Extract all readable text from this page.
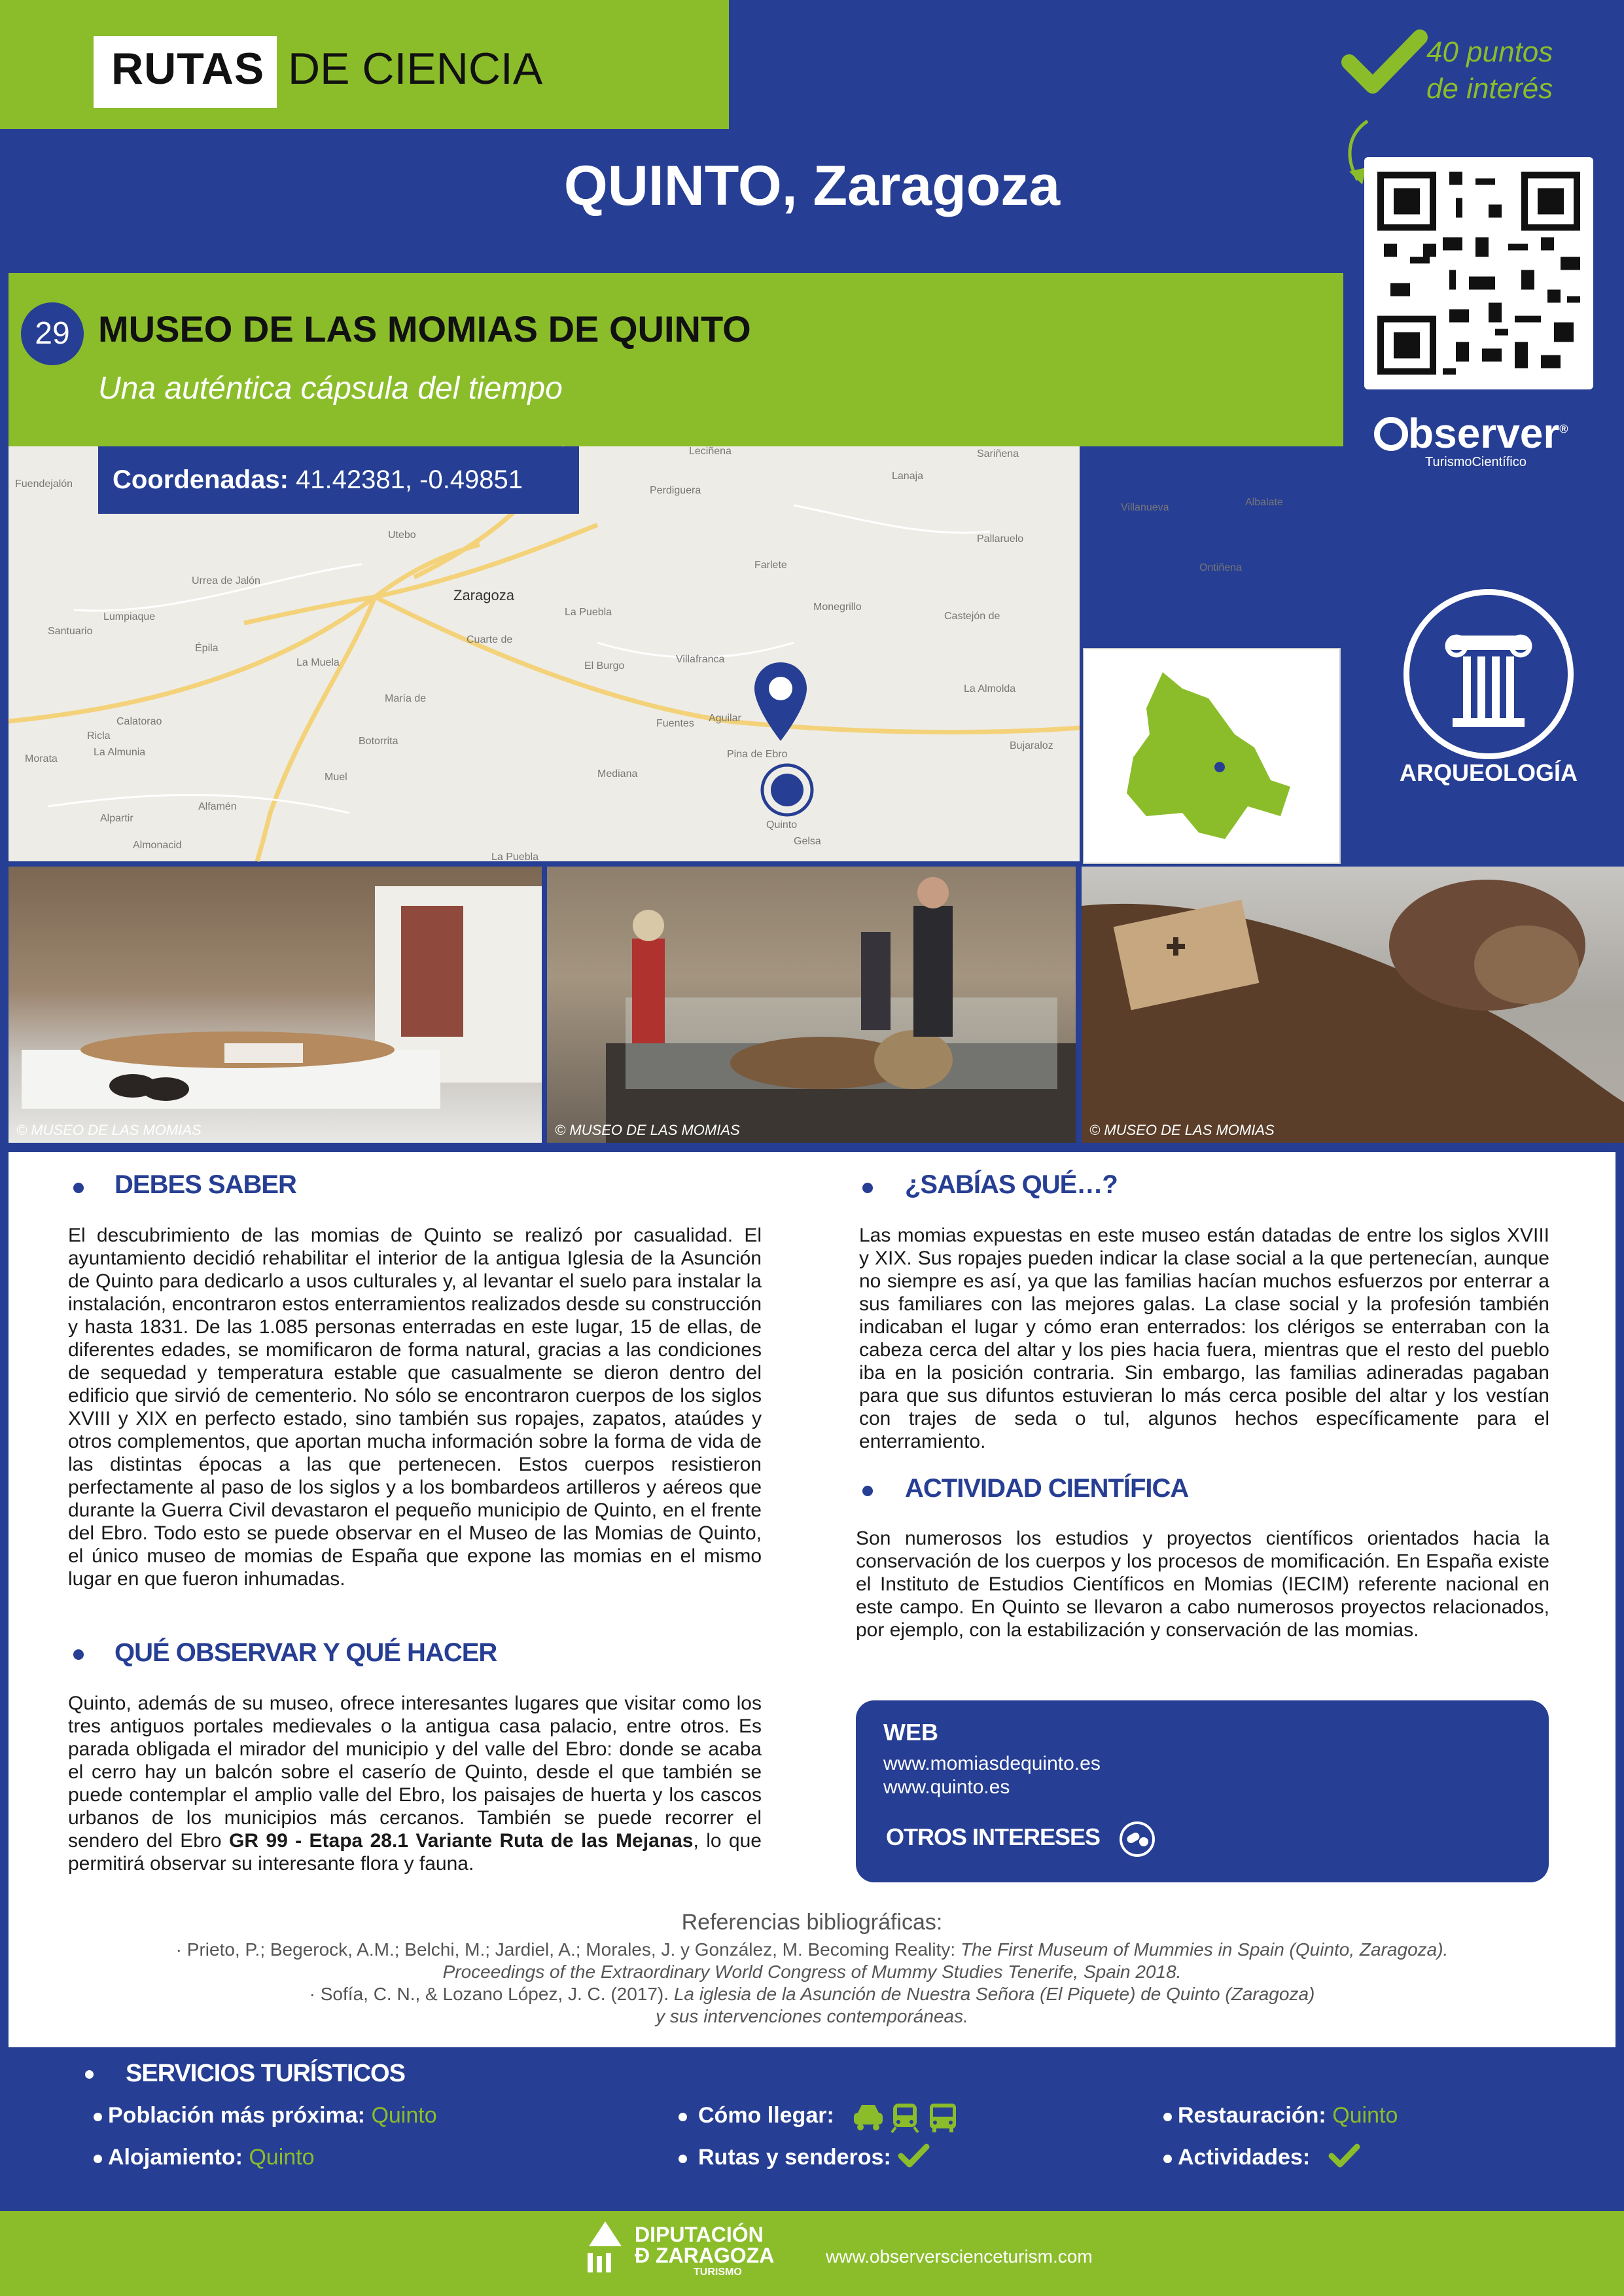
RUTAS DE CIENCIA
QUINTO, Zaragoza
40 puntos
de interés
bserver®
TurismoCientífico
29 MUSEO DE LAS MOMIAS DE QUINTO
Una auténtica cápsula del tiempo
Leciñena	Sariñena
Lanaja
Fuendejalón
Perdiguera
Villanueva	Albalate
Utebo	Pallaruelo
Urrea de Jalón
Farlete	Ontiñena
Zaragoza
Lumpiaque	La Puebla	Monegrillo
Castejón de
Santuario
Épila
Cuarte de
La Muela	El Burgo
Villafranca
María de
La Almolda
Calatorao
Botorrita
Fuentes Aguilar
Bujaraloz
Ricla
La Almunia	Pina de Ebro
Morata
Muel	Mediana
Alfamén
Alpartir
Quinto
Almonacid	Gelsa
La Puebla
Coordenadas: 41.42381, -0.49851
ARQUEOLOGÍA
© MUSEO DE LAS MOMIAS	© MUSEO DE LAS MOMIAS	© MUSEO DE LAS MOMIAS
DEBES SABER
El descubrimiento de las momias de Quinto se realizó por casualidad. El ayuntamiento decidió rehabilitar el interior de la antigua Iglesia de la Asunción de Quinto para dedicarlo a usos culturales y, al levantar el suelo para instalar la instalación, encontraron estos enterramientos realizados desde su construcción y hasta 1831. De las 1.085 personas enterradas en este lugar, 15 de ellas, de diferentes edades, se momificaron de forma natural, gracias a las condiciones de sequedad y temperatura estable que casualmente se dieron dentro del edificio que sirvió de cementerio. No sólo se encontraron cuerpos de los siglos XVIII y XIX en perfecto estado, sino también sus ropajes, zapatos, ataúdes y otros complementos, que aportan mucha información sobre la forma de vida de las distintas épocas a las que pertenecen. Estos cuerpos resistieron perfectamente al paso de los siglos y a los bombardeos artilleros y aéreos que durante la Guerra Civil devastaron el pequeño municipio de Quinto, en el frente del Ebro. Todo esto se puede observar en el Museo de las Momias de Quinto, el único museo de momias de España que expone las momias en el mismo lugar en que fueron inhumadas.
QUÉ OBSERVAR Y QUÉ HACER
Quinto, además de su museo, ofrece interesantes lugares que visitar como los tres antiguos portales medievales o la antigua casa palacio, entre otros. Es parada obligada el mirador del municipio y del valle del Ebro: donde se acaba el cerro hay un balcón sobre el caserío de Quinto, desde el que también se puede contemplar el amplio valle del Ebro, los paisajes de huerta y los cascos urbanos de los municipios más cercanos. También se puede recorrer el sendero del Ebro GR 99 - Etapa 28.1 Variante Ruta de las Mejanas, lo que permitirá observar su interesante flora y fauna.
¿SABÍAS QUÉ…?
Las momias expuestas en este museo están datadas de entre los siglos XVIII y XIX. Sus ropajes pueden indicar la clase social a la que pertenecían, aunque no siempre es así, ya que las familias hacían muchos esfuerzos por enterrar a sus familiares con las mejores galas. La clase social y la profesión también indicaban el lugar y cómo eran enterrados: los clérigos se enterraban con la cabeza cerca del altar y los pies hacia fuera, mientras que el resto del pueblo iba en la posición contraria. Sin embargo, las familias adineradas pagaban para que sus difuntos estuvieran lo más cerca posible del altar y los vestían con trajes de seda o tul, algunos hechos específicamente para el enterramiento.
ACTIVIDAD CIENTÍFICA
Son numerosos los estudios y proyectos científicos orientados hacia la conservación de los cuerpos y los procesos de momificación. En España existe el Instituto de Estudios Científicos en Momias (IECIM) referente nacional en este campo. En Quinto se llevaron a cabo numerosos proyectos relacionados, por ejemplo, con la estabilización y conservación de las momias.
WEB
www.momiasdequinto.es
www.quinto.es
OTROS INTERESES
Referencias bibliográficas:
· Prieto, P.; Begerock, A.M.; Belchi, M.; Jardiel, A.; Morales, J. y González, M. Becoming Reality: The First Museum of Mummies in Spain (Quinto, Zaragoza).
Proceedings of the Extraordinary World Congress of Mummy Studies Tenerife, Spain 2018.
· Sofía, C. N., & Lozano López, J. C. (2017). La iglesia de la Asunción de Nuestra Señora (El Piquete) de Quinto (Zaragoza)
y sus intervenciones contemporáneas.
SERVICIOS TURÍSTICOS
Población más próxima: Quinto
Alojamiento: Quinto
Cómo llegar:
Rutas y senderos:
Restauración: Quinto
Actividades:
DIPUTACIÓN
Ð ZARAGOZA
TURISMO
www.observerscienceturism.com
